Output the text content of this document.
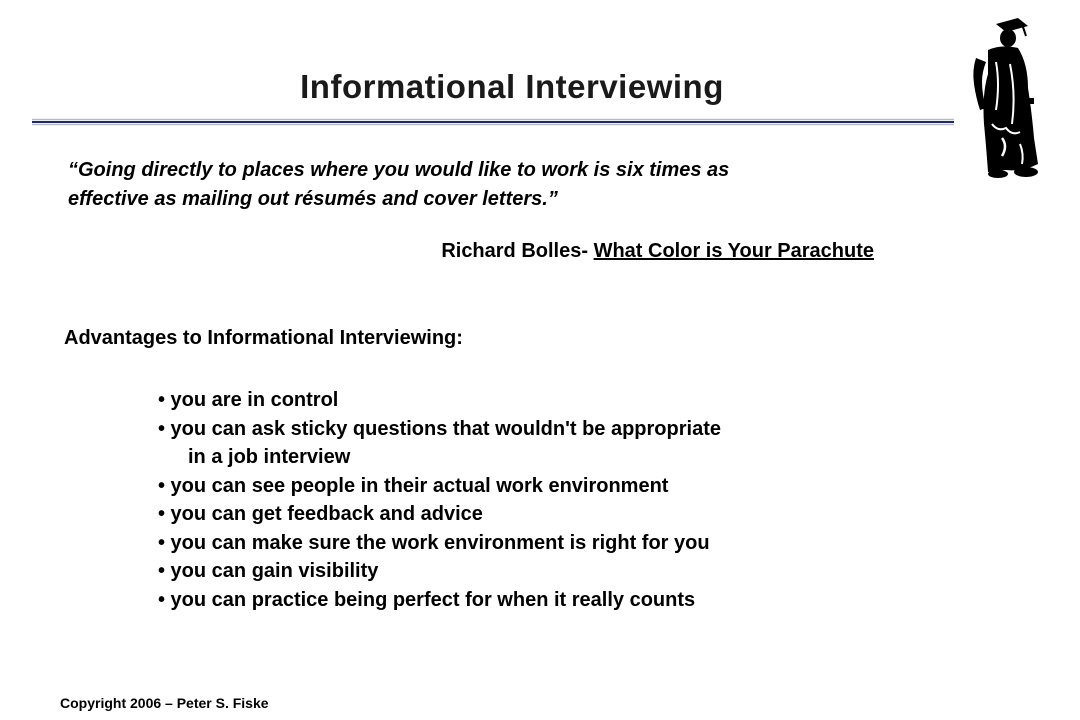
Informational Interviewing
“Going directly to places where you would like to work is six times as
effective as mailing out résumés and cover letters.”
Richard Bolles- What Color is Your Parachute
Advantages to Informational Interviewing:
• you are in control
• you can ask sticky questions that wouldn't be appropriate
in a job interview
• you can see people in their actual work environment
• you can get feedback and advice
• you can make sure the work environment is right for you
• you can gain visibility
• you can practice being perfect for when it really counts
Copyright 2006 – Peter S. Fiske
